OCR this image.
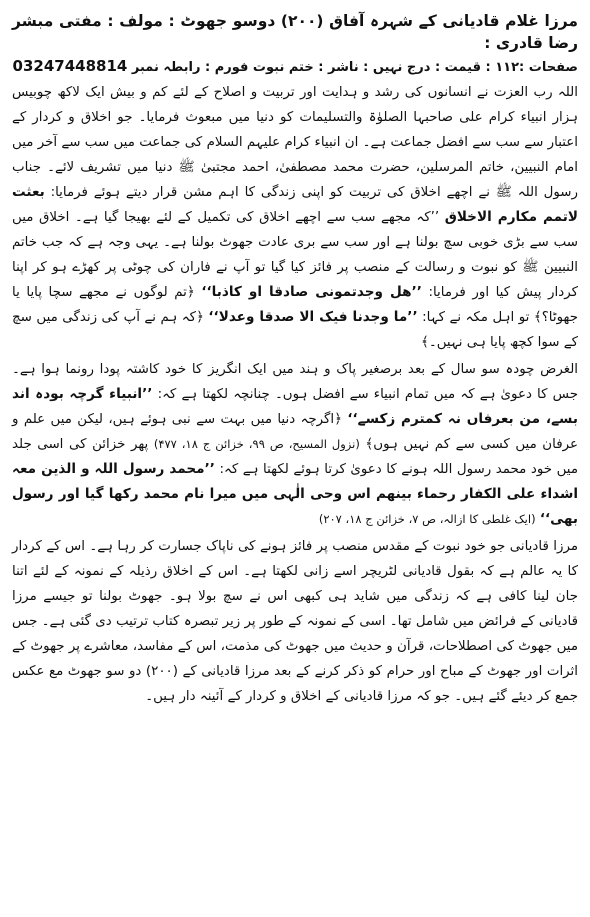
مرزا غلام قادیانی کے شہرہ آفاق (۲۰۰) دوسو جھوٹ : مولف : مفتی مبشر رضا قادری :

صفحات :۱۱۲ : قیمت : درج نہیں : ناشر : ختم نبوت فورم : رابطہ نمبر 03247448814

اللہ رب العزت نے انسانوں کی رشد و ہدایت اور تربیت و اصلاح کے لئے کم و بیش ایک لاکھ چوبیس ہزار انبیاء کرام علی صاحبہا الصلوٰۃ والتسلیمات کو دنیا میں مبعوث فرمایا۔ جو اخلاق و کردار کے اعتبار سے سب سے افضل جماعت ہے۔ ان انبیاء کرام علیہم السلام کی جماعت میں سب سے آخر میں امام النبیین، خاتم المرسلین، حضرت محمد مصطفیٰ، احمد مجتبیٰ ﷺ دنیا میں تشریف لائے۔ جناب رسول اللہ ﷺ نے اچھے اخلاق کی تربیت کو اپنی زندگی کا اہم مشن قرار دیتے ہوئے فرمایا: بعثت لاتمم مکارم الاخلاق ’’کہ مجھے سب سے اچھے اخلاق کی تکمیل کے لئے بھیجا گیا ہے۔ اخلاق میں سب سے بڑی خوبی سچ بولنا ہے اور سب سے بری عادت جھوٹ بولنا ہے۔ یہی وجہ ہے کہ جب خاتم النبیین ﷺ کو نبوت و رسالت کے منصب پر فائز کیا گیا تو آپ نے فاران کی چوٹی پر کھڑے ہو کر اپنا کردار پیش کیا اور فرمایا: ’’ھل وجدتمونی صادقا او کاذبا‘‘ ﴿تم لوگوں نے مجھے سچا پایا یا جھوٹا؟﴾ تو اہل مکہ نے کہا: ’’ما وجدنا فیک الا صدقا وعدلا‘‘ ﴿کہ ہم نے آپ کی زندگی میں سچ کے سوا کچھ پایا ہی نہیں۔﴾

الغرض چودہ سو سال کے بعد برصغیر پاک و ہند میں ایک انگریز کا خود کاشتہ پودا رونما ہوا ہے۔ جس کا دعویٰ ہے کہ میں تمام انبیاء سے افضل ہوں۔ چنانچہ لکھتا ہے کہ: ’’انبیاء گرچہ بودہ اند بسے، من بعرفاں نہ کمترم زکسے‘‘ ﴿اگرچہ دنیا میں بہت سے نبی ہوئے ہیں، لیکن میں علم و عرفان میں کسی سے کم نہیں ہوں﴾ (نزول المسیح، ص ۹۹، خزائن ج ۱۸، ۴۷۷) پھر خزائن کی اسی جلد میں خود محمد رسول اللہ ہونے کا دعویٰ کرتا ہوئے لکھتا ہے کہ: ’’محمد رسول اللہ و الذین معہ اشداء علی الکفار رحماء بینھم اس وحی الٰہی میں میرا نام محمد رکھا گیا اور رسول بھی‘‘ (ایک غلطی کا ازالہ، ص ۷، خزائن ج ۱۸، ۲۰۷)

مرزا قادیانی جو خود نبوت کے مقدس منصب پر فائز ہونے کی ناپاک جسارت کر رہا ہے۔ اس کے کردار کا یہ عالم ہے کہ بقول قادیانی لٹریچر اسے زانی لکھتا ہے۔ اس کے اخلاق رذیلہ کے نمونہ کے لئے اتنا جان لینا کافی ہے کہ زندگی میں شاید ہی کبھی اس نے سچ بولا ہو۔ جھوٹ بولنا تو جیسے مرزا قادیانی کے فرائض میں شامل تھا۔ اسی کے نمونہ کے طور پر زیر تبصرہ کتاب ترتیب دی گئی ہے۔ جس میں جھوٹ کی اصطلاحات، قرآن و حدیث میں جھوٹ کی مذمت، اس کے مفاسد، معاشرے پر جھوٹ کے اثرات اور جھوٹ کے مباح اور حرام کو ذکر کرنے کے بعد مرزا قادیانی کے (۲۰۰) دو سو جھوٹ مع عکس جمع کر دیئے گئے ہیں۔ جو کہ مرزا قادیانی کے اخلاق و کردار کے آئینہ دار ہیں۔
